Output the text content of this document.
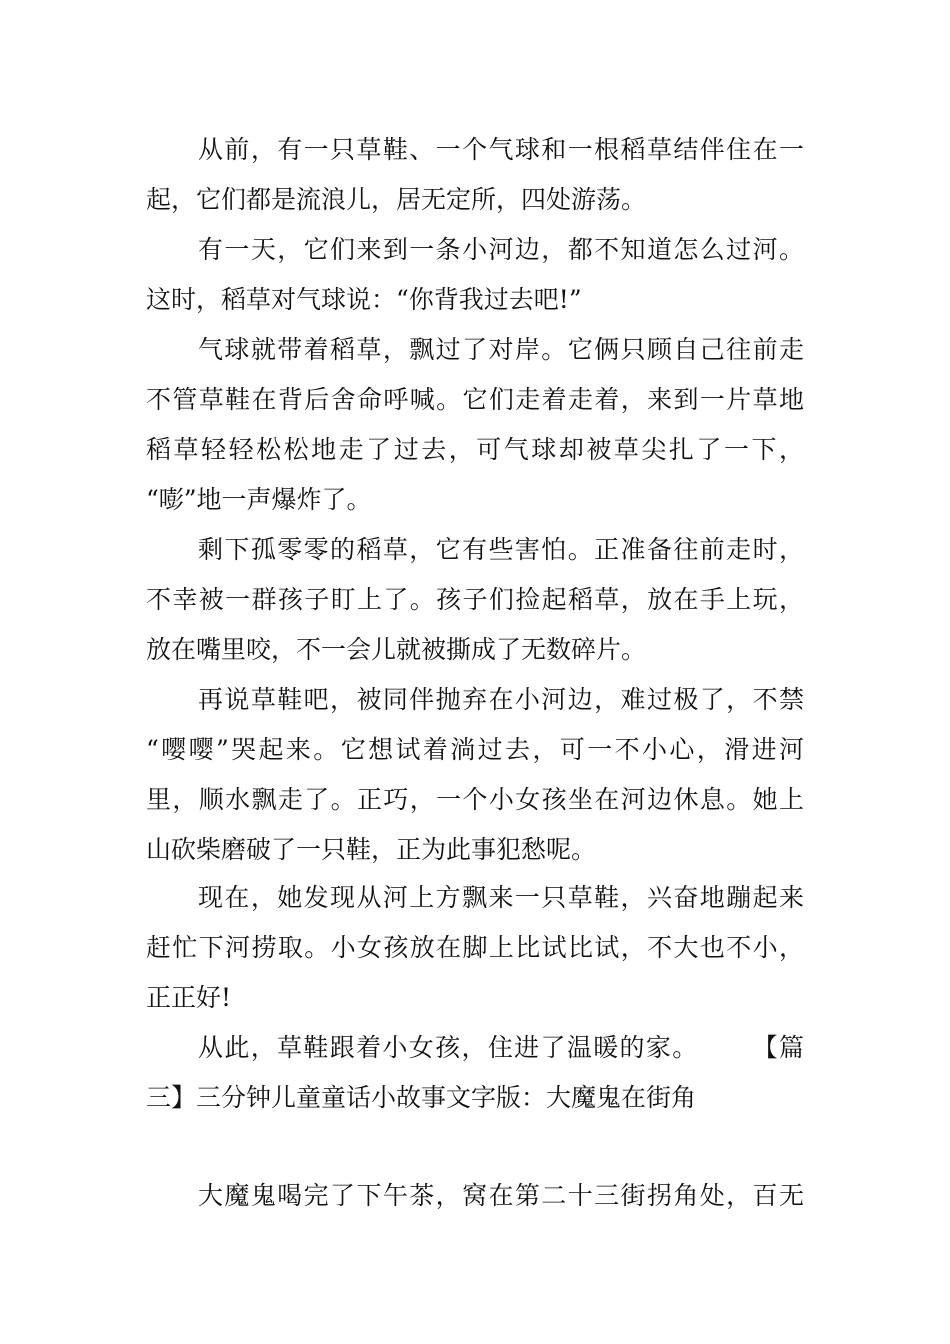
从前，有一只草鞋、一个气球和一根稻草结伴住在一
起，它们都是流浪儿，居无定所，四处游荡。
有一天，它们来到一条小河边，都不知道怎么过河。
这时，稻草对气球说：“你背我过去吧!”
气球就带着稻草，飘过了对岸。它俩只顾自己往前走
不管草鞋在背后舍命呼喊。它们走着走着，来到一片草地
稻草轻轻松松地走了过去，可气球却被草尖扎了一下，
“嘭”地一声爆炸了。
剩下孤零零的稻草，它有些害怕。正准备往前走时，
不幸被一群孩子盯上了。孩子们捡起稻草，放在手上玩，
放在嘴里咬，不一会儿就被撕成了无数碎片。
再说草鞋吧，被同伴抛弃在小河边，难过极了，不禁
“嘤嘤”哭起来。它想试着淌过去，可一不小心，滑进河
里，顺水飘走了。正巧，一个小女孩坐在河边休息。她上
山砍柴磨破了一只鞋，正为此事犯愁呢。
现在，她发现从河上方飘来一只草鞋，兴奋地蹦起来
赶忙下河捞取。小女孩放在脚上比试比试，不大也不小，
正正好!
从此，草鞋跟着小女孩，住进了温暖的家。　　　【篇
三】三分钟儿童童话小故事文字版：大魔鬼在街角
大魔鬼喝完了下午茶，窝在第二十三街拐角处，百无
